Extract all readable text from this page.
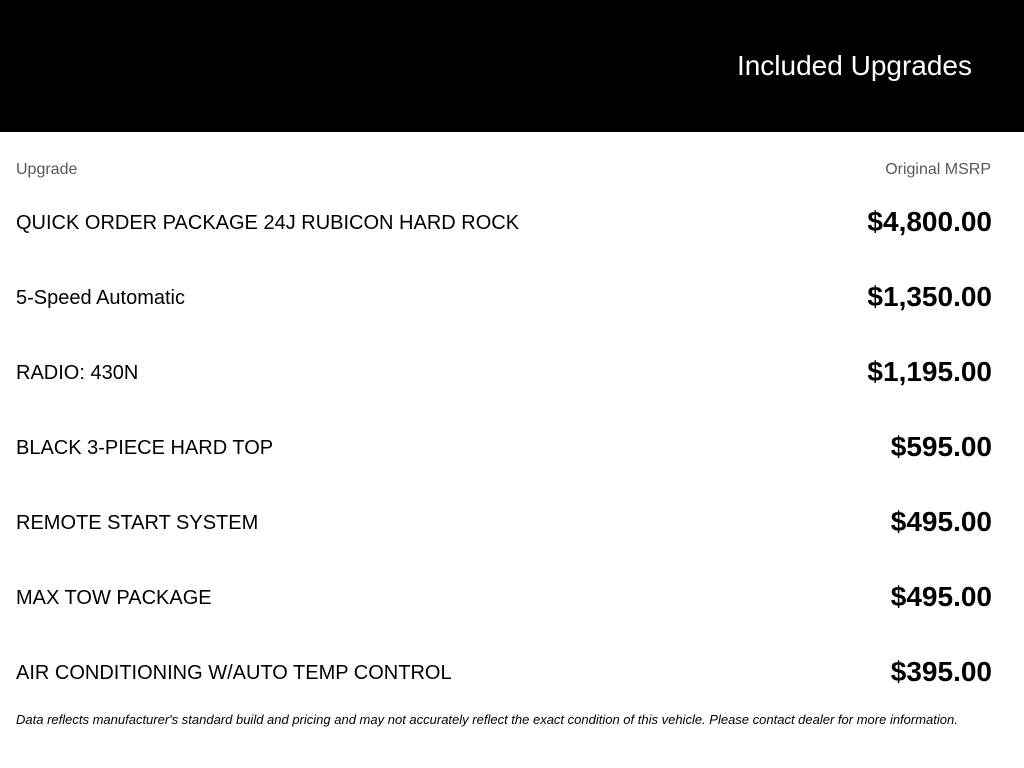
Included Upgrades
Upgrade	Original MSRP
QUICK ORDER PACKAGE 24J RUBICON HARD ROCK	$4,800.00
5-Speed Automatic	$1,350.00
RADIO: 430N	$1,195.00
BLACK 3-PIECE HARD TOP	$595.00
REMOTE START SYSTEM	$495.00
MAX TOW PACKAGE	$495.00
AIR CONDITIONING W/AUTO TEMP CONTROL	$395.00
Data reflects manufacturer's standard build and pricing and may not accurately reflect the exact condition of this vehicle. Please contact dealer for more information.
